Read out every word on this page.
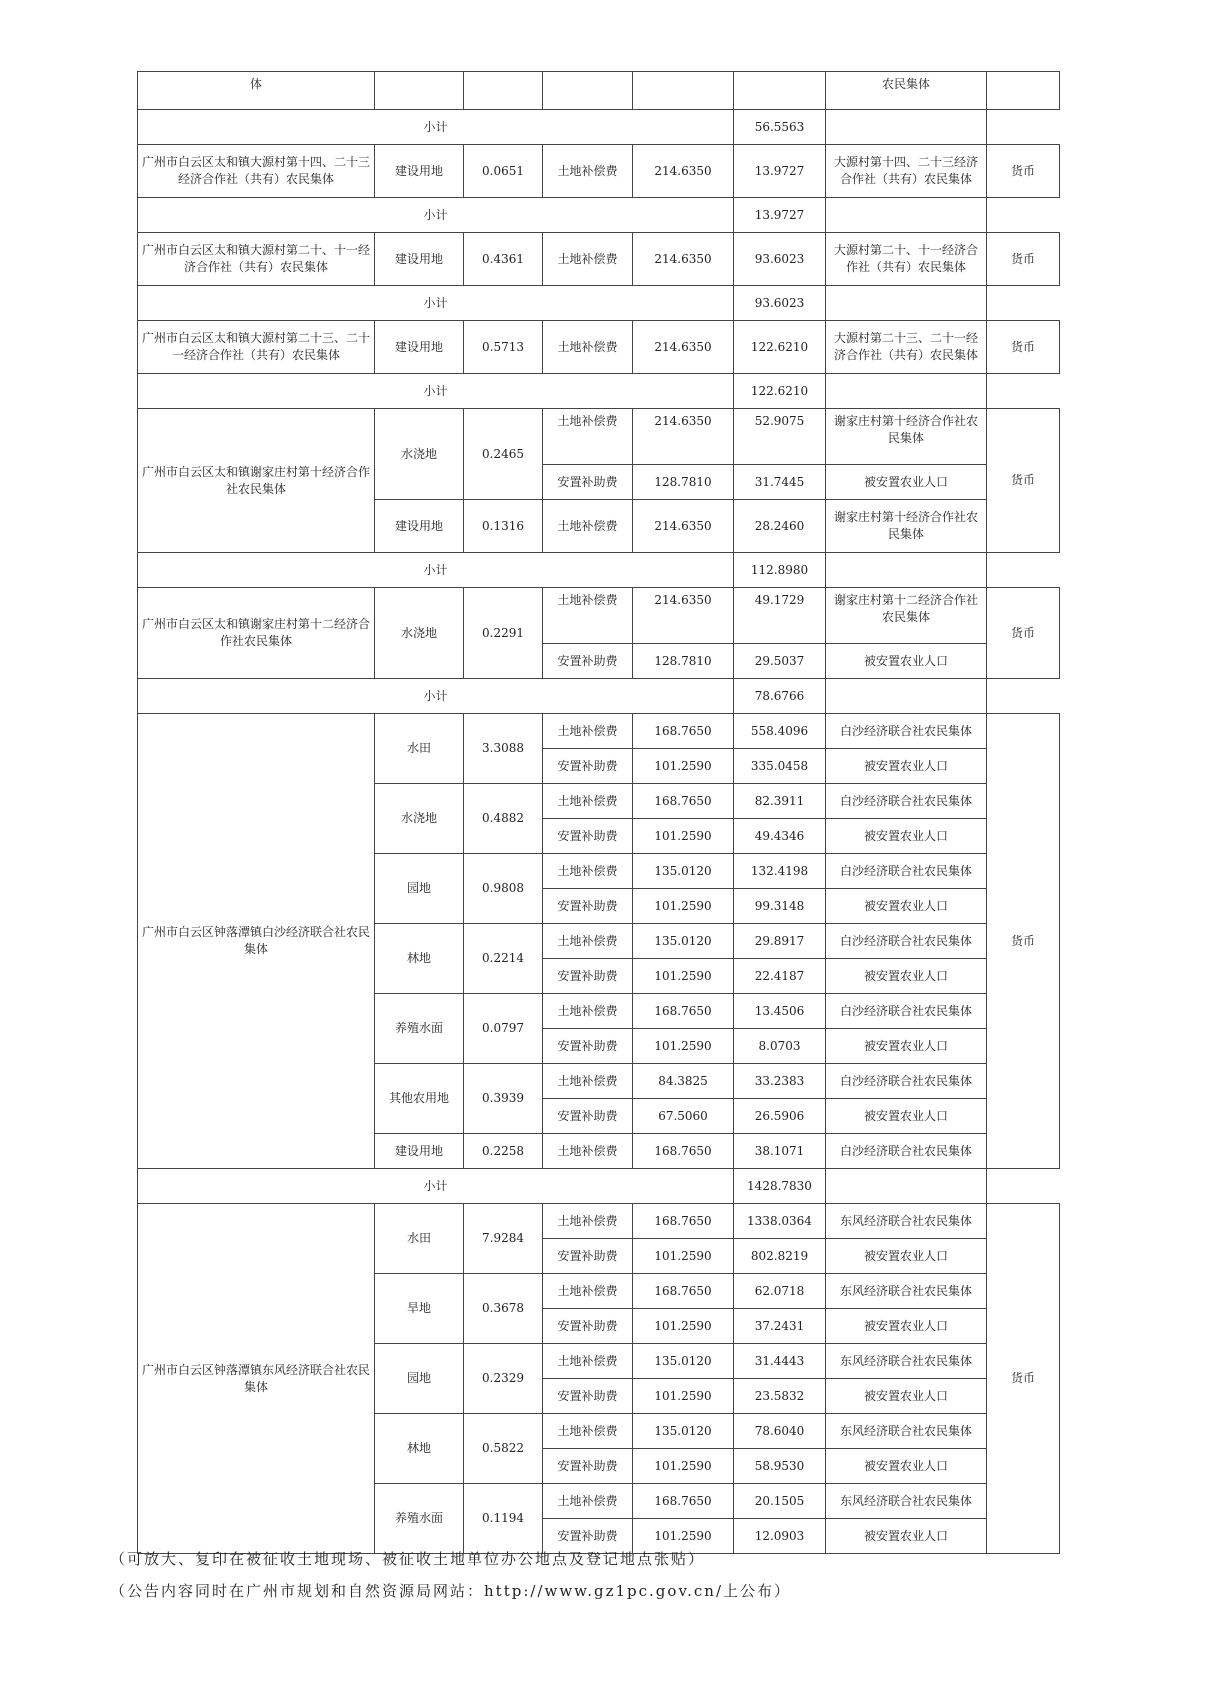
体						农民集体	
小计					56.5563		
广州市白云区太和镇大源村第十四、二十三经济合作社（共有）农民集体	建设用地	0.0651	土地补偿费	214.6350	13.9727	大源村第十四、二十三经济合作社（共有）农民集体	货币
小计					13.9727		
广州市白云区太和镇大源村第二十、十一经济合作社（共有）农民集体	建设用地	0.4361	土地补偿费	214.6350	93.6023	大源村第二十、十一经济合作社（共有）农民集体	货币
小计					93.6023		
广州市白云区太和镇大源村第二十三、二十一经济合作社（共有）农民集体	建设用地	0.5713	土地补偿费	214.6350	122.6210	大源村第二十三、二十一经济合作社（共有）农民集体	货币
小计					122.6210		
广州市白云区太和镇谢家庄村第十经济合作社农民集体	水浇地	0.2465	土地补偿费	214.6350	52.9075	谢家庄村第十经济合作社农民集体	货币
			安置补助费	128.7810	31.7445	被安置农业人口	
	建设用地	0.1316	土地补偿费	214.6350	28.2460	谢家庄村第十经济合作社农民集体	
小计					112.8980		
广州市白云区太和镇谢家庄村第十二经济合作社农民集体	水浇地	0.2291	土地补偿费	214.6350	49.1729	谢家庄村第十二经济合作社农民集体	货币
			安置补助费	128.7810	29.5037	被安置农业人口	
小计					78.6766		
广州市白云区钟落潭镇白沙经济联合社农民集体	水田	3.3088	土地补偿费	168.7650	558.4096	白沙经济联合社农民集体	货币
			安置补助费	101.2590	335.0458	被安置农业人口	
	水浇地	0.4882	土地补偿费	168.7650	82.3911	白沙经济联合社农民集体	
			安置补助费	101.2590	49.4346	被安置农业人口	
	园地	0.9808	土地补偿费	135.0120	132.4198	白沙经济联合社农民集体	
			安置补助费	101.2590	99.3148	被安置农业人口	
	林地	0.2214	土地补偿费	135.0120	29.8917	白沙经济联合社农民集体	
			安置补助费	101.2590	22.4187	被安置农业人口	
	养殖水面	0.0797	土地补偿费	168.7650	13.4506	白沙经济联合社农民集体	
			安置补助费	101.2590	8.0703	被安置农业人口	
	其他农用地	0.3939	土地补偿费	84.3825	33.2383	白沙经济联合社农民集体	
			安置补助费	67.5060	26.5906	被安置农业人口	
	建设用地	0.2258	土地补偿费	168.7650	38.1071	白沙经济联合社农民集体	
小计					1428.7830		
广州市白云区钟落潭镇东风经济联合社农民集体	水田	7.9284	土地补偿费	168.7650	1338.0364	东风经济联合社农民集体	货币
			安置补助费	101.2590	802.8219	被安置农业人口	
	旱地	0.3678	土地补偿费	168.7650	62.0718	东风经济联合社农民集体	
			安置补助费	101.2590	37.2431	被安置农业人口	
	园地	0.2329	土地补偿费	135.0120	31.4443	东风经济联合社农民集体	
			安置补助费	101.2590	23.5832	被安置农业人口	
	林地	0.5822	土地补偿费	135.0120	78.6040	东风经济联合社农民集体	
			安置补助费	101.2590	58.9530	被安置农业人口	
	养殖水面	0.1194	土地补偿费	168.7650	20.1505	东风经济联合社农民集体	
			安置补助费	101.2590	12.0903	被安置农业人口	
（可放大、复印在被征收土地现场、被征收土地单位办公地点及登记地点张贴）
（公告内容同时在广州市规划和自然资源局网站：http://www.gz1pc.gov.cn/上公布）
